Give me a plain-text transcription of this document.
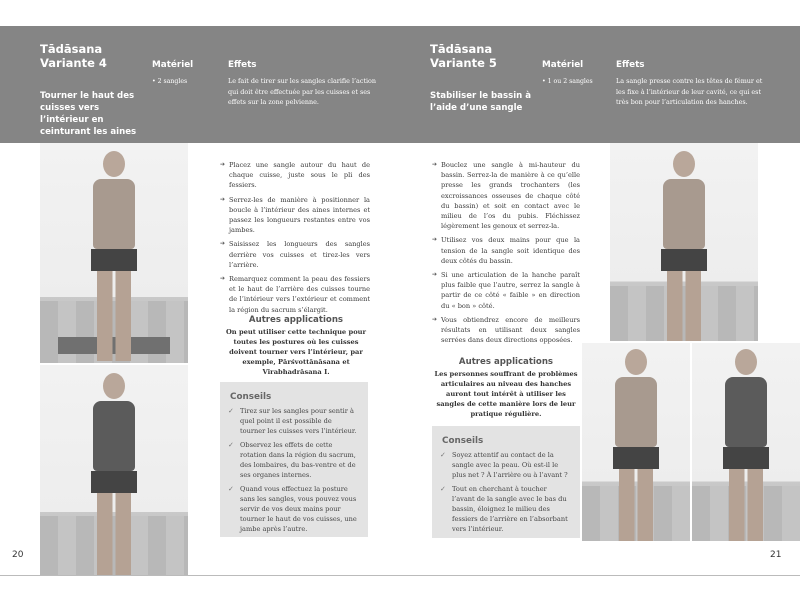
Tādāsana
Variante 4
Tourner le haut des cuisses vers l’intérieur en ceinturant les aines
Matériel
• 2 sangles
Effets
Le fait de tirer sur les sangles clarifie l’action qui doit être effectuée par les cuisses et ses effets sur la zone pelvienne.
➔ Placez une sangle autour du haut de chaque cuisse, juste sous le pli des fessiers.
➔ Serrez-les de manière à positionner la boucle à l’intérieur des aines internes et passez les longueurs restantes entre vos jambes.
➔ Saisissez les longueurs des sangles derrière vos cuisses et tirez-les vers l’arrière.
➔ Remarquez comment la peau des fessiers et le haut de l’arrière des cuisses tourne de l’intérieur vers l’extérieur et comment la région du sacrum s’élargit.
Autres applications
On peut utiliser cette technique pour toutes les postures où les cuisses doivent tourner vers l’intérieur, par exemple, Pārśvottānāsana et Vīrabhadrāsana I.
Conseils
✓ Tirez sur les sangles pour sentir à quel point il est possible de tourner les cuisses vers l’intérieur.
✓ Observez les effets de cette rotation dans la région du sacrum, des lombaires, du bas-ventre et de ses organes internes.
✓ Quand vous effectuez la posture sans les sangles, vous pouvez vous servir de vos deux mains pour tourner le haut de vos cuisses, une jambe après l’autre.
20
Tādāsana
Variante 5
Stabiliser le bassin à l’aide d’une sangle
Matériel
• 1 ou 2 sangles
Effets
La sangle presse contre les têtes de fémur et les fixe à l’intérieur de leur cavité, ce qui est très bon pour l’articulation des hanches.
➔ Bouclez une sangle à mi-hauteur du bassin. Serrez-la de manière à ce qu’elle presse les grands trochanters (les excroissances osseuses de chaque côté du bassin) et soit en contact avec le milieu de l’os du pubis. Fléchissez légèrement les genoux et serrez-la.
➔ Utilisez vos deux mains pour que la tension de la sangle soit identique des deux côtés du bassin.
➔ Si une articulation de la hanche paraît plus faible que l’autre, serrez la sangle à partir de ce côté « faible » en direction du « bon » côté.
➔ Vous obtiendrez encore de meilleurs résultats en utilisant deux sangles serrées dans deux directions opposées.
Autres applications
Les personnes souffrant de problèmes articulaires au niveau des hanches auront tout intérêt à utiliser les sangles de cette manière lors de leur pratique régulière.
Conseils
✓ Soyez attentif au contact de la sangle avec la peau. Où est-il le plus net ? À l’arrière ou à l’avant ?
✓ Tout en cherchant à toucher l’avant de la sangle avec le bas du bassin, éloignez le milieu des fessiers de l’arrière en l’absorbant vers l’intérieur.
21
